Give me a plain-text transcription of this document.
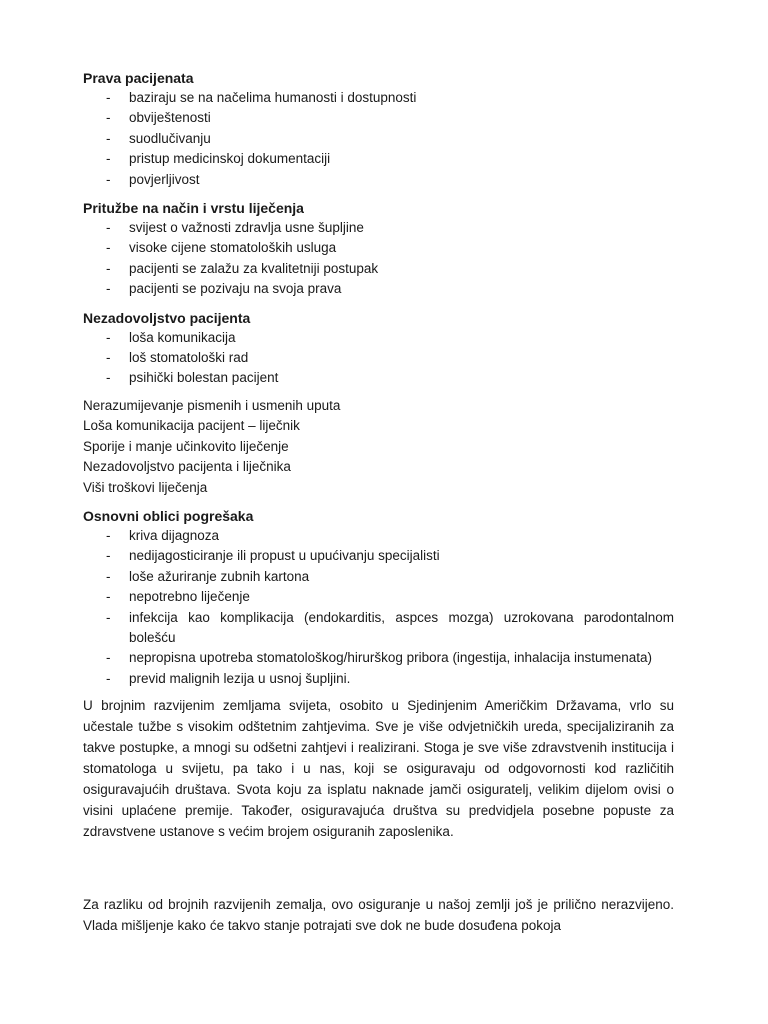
Prava pacijenata
- baziraju se na načelima humanosti i dostupnosti
- obviještenosti
- suodlučivanju
- pristup medicinskoj dokumentaciji
- povjerljivost
Pritužbe na način i vrstu liječenja
- svijest o važnosti zdravlja usne šupljine
- visoke cijene stomatoloških usluga
- pacijenti se zalažu za kvalitetniji postupak
- pacijenti se pozivaju na svoja prava
Nezadovoljstvo pacijenta
- loša komunikacija
- loš stomatološki rad
- psihički bolestan pacijent
Nerazumijevanje pismenih i usmenih uputa
Loša komunikacija pacijent – liječnik
Sporije i manje učinkovito liječenje
Nezadovoljstvo pacijenta i liječnika
Viši troškovi liječenja
Osnovni oblici pogrešaka
- kriva dijagnoza
- nedijagosticiranje ili propust u upućivanju specijalisti
- loše ažuriranje zubnih kartona
- nepotrebno liječenje
- infekcija kao komplikacija (endokarditis, aspces mozga) uzrokovana parodontalnom bolešću
- nepropisna upotreba stomatološkog/hirurškog pribora (ingestija, inhalacija instumenata)
- previd malignih lezija u usnoj šupljini.

U brojnim razvijenim zemljama svijeta, osobito u Sjedinjenim Američkim Državama, vrlo su učestale tužbe s visokim odštetnim zahtjevima. Sve je više odvjetničkih ureda, specijaliziranih za takve postupke, a mnogi su odšetni zahtjevi i realizirani. Stoga je sve više zdravstvenih institucija i stomatologa u svijetu, pa tako i u nas, koji se osiguravaju od odgovornosti kod različitih osiguravajućih društava. Svota koju za isplatu naknade jamči osiguratelj, velikim dijelom ovisi o visini uplaćene premije. Također, osiguravajuća društva su predvidjela posebne popuste za zdravstvene ustanove s većim brojem osiguranih zaposlenika.

Za razliku od brojnih razvijenih zemalja, ovo osiguranje u našoj zemlji još je prilično nerazvijeno. Vlada mišljenje kako će takvo stanje potrajati sve dok ne bude dosuđena pokoja
